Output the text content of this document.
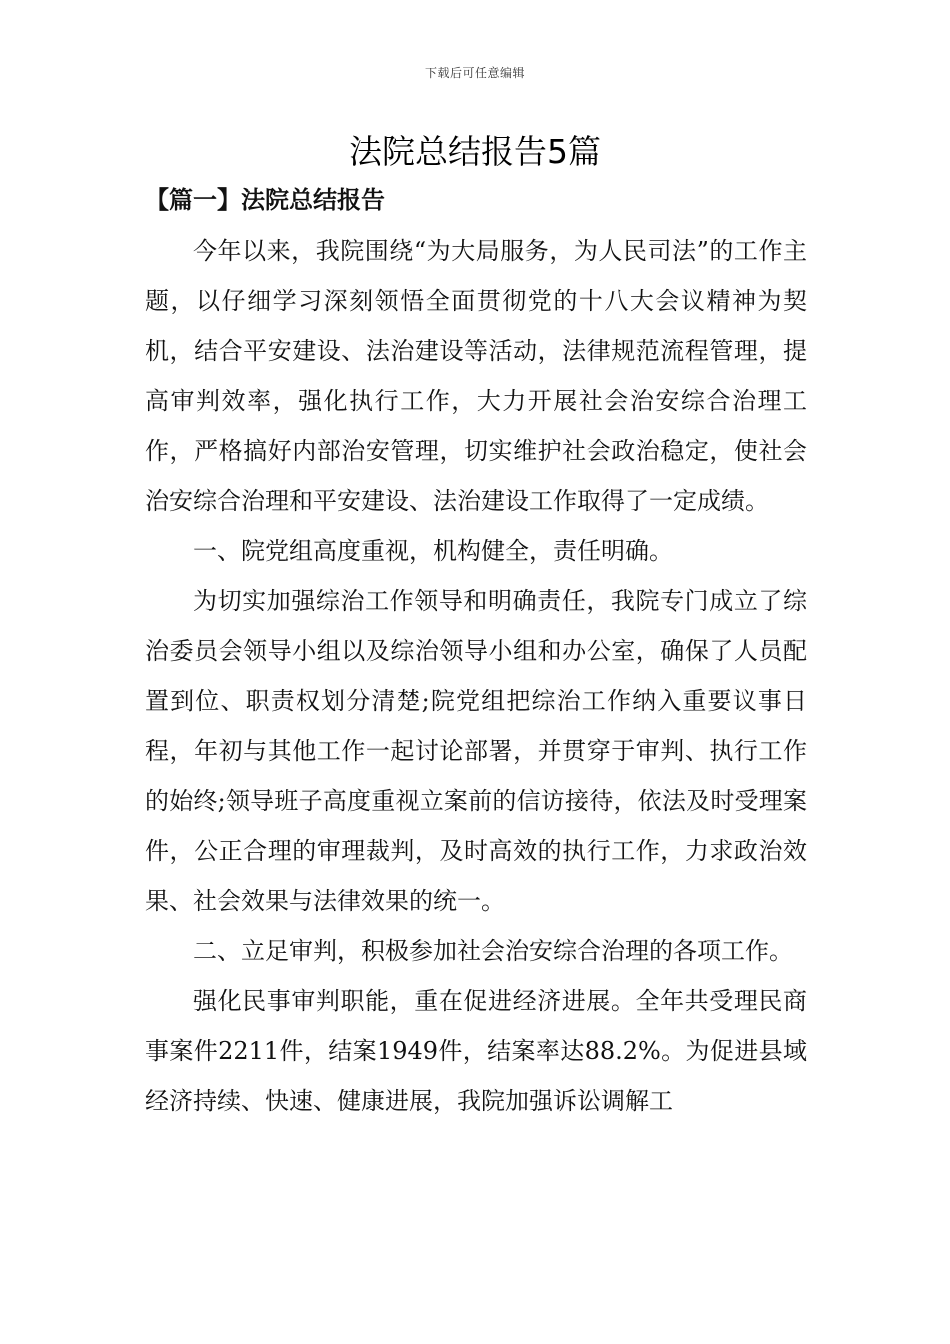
下载后可任意编辑
法院总结报告5篇
【篇一】法院总结报告

今年以来，我院围绕“为大局服务，为人民司法”的工作主题，以仔细学习深刻领悟全面贯彻党的十八大会议精神为契机，结合平安建设、法治建设等活动，法律规范流程管理，提高审判效率，强化执行工作，大力开展社会治安综合治理工作，严格搞好内部治安管理，切实维护社会政治稳定，使社会治安综合治理和平安建设、法治建设工作取得了一定成绩。

一、院党组高度重视，机构健全，责任明确。

为切实加强综治工作领导和明确责任，我院专门成立了综治委员会领导小组以及综治领导小组和办公室，确保了人员配置到位、职责权划分清楚;院党组把综治工作纳入重要议事日程，年初与其他工作一起讨论部署，并贯穿于审判、执行工作的始终;领导班子高度重视立案前的信访接待，依法及时受理案件，公正合理的审理裁判，及时高效的执行工作，力求政治效果、社会效果与法律效果的统一。

二、立足审判，积极参加社会治安综合治理的各项工作。

强化民事审判职能，重在促进经济进展。全年共受理民商事案件2211件，结案1949件，结案率达88.2%。为促进县域经济持续、快速、健康进展，我院加强诉讼调解工
